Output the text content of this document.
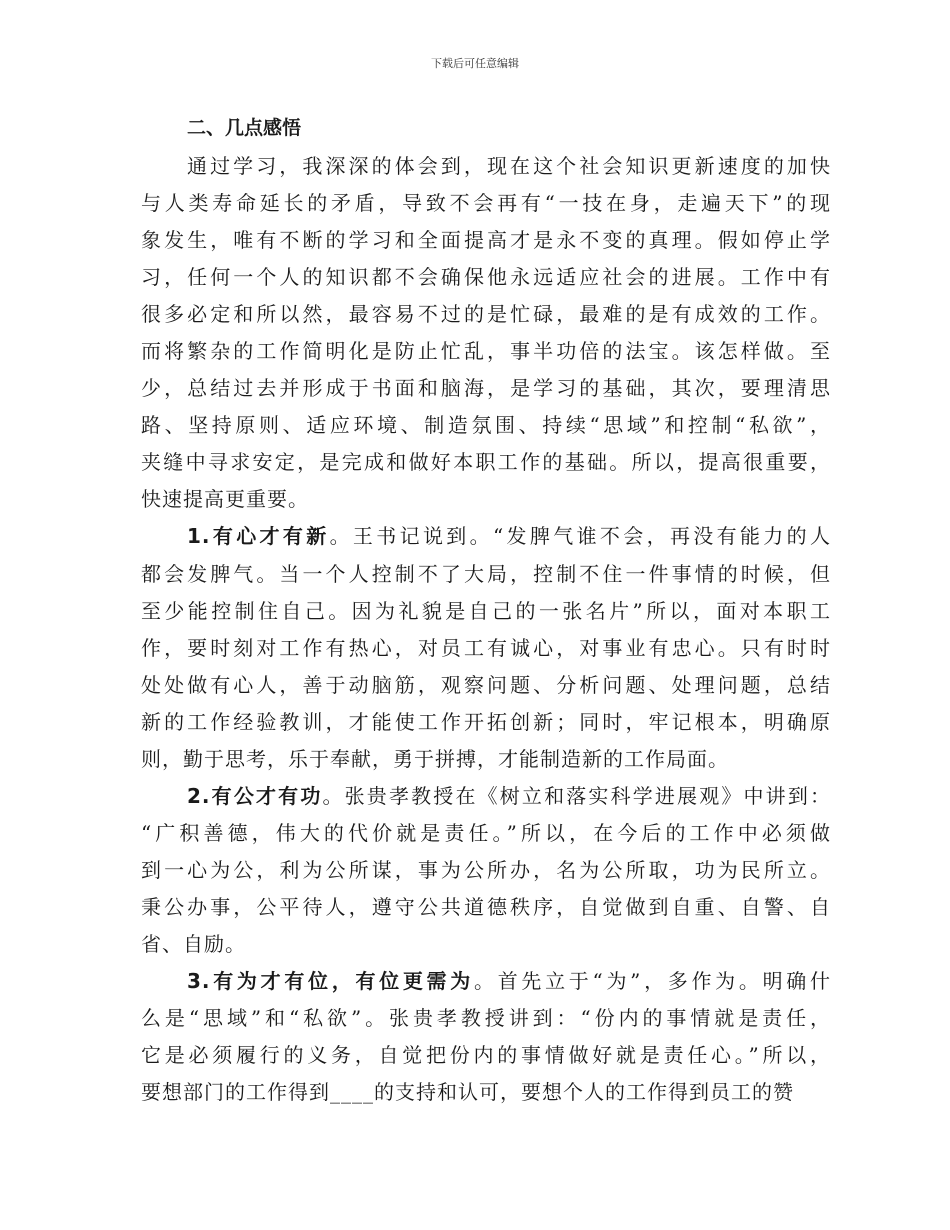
下载后可任意编辑
二、几点感悟
通过学习，我深深的体会到，现在这个社会知识更新速度的加快
与人类寿命延长的矛盾，导致不会再有“一技在身，走遍天下”的现
象发生，唯有不断的学习和全面提高才是永不变的真理。假如停止学
习，任何一个人的知识都不会确保他永远适应社会的进展。工作中有
很多必定和所以然，最容易不过的是忙碌，最难的是有成效的工作。
而将繁杂的工作简明化是防止忙乱，事半功倍的法宝。该怎样做。至
少，总结过去并形成于书面和脑海，是学习的基础，其次，要理清思
路、坚持原则、适应环境、制造氛围、持续“思域”和控制“私欲”，
夹缝中寻求安定，是完成和做好本职工作的基础。所以，提高很重要，
快速提高更重要。
1.有心才有新。王书记说到。“发脾气谁不会，再没有能力的人
都会发脾气。当一个人控制不了大局，控制不住一件事情的时候，但
至少能控制住自己。因为礼貌是自己的一张名片”所以，面对本职工
作，要时刻对工作有热心，对员工有诚心，对事业有忠心。只有时时
处处做有心人，善于动脑筋，观察问题、分析问题、处理问题，总结
新的工作经验教训，才能使工作开拓创新；同时，牢记根本，明确原
则，勤于思考，乐于奉献，勇于拼搏，才能制造新的工作局面。
2.有公才有功。张贵孝教授在《树立和落实科学进展观》中讲到：
“广积善德，伟大的代价就是责任。”所以，在今后的工作中必须做
到一心为公，利为公所谋，事为公所办，名为公所取，功为民所立。
秉公办事，公平待人，遵守公共道德秩序，自觉做到自重、自警、自
省、自励。
3.有为才有位，有位更需为。首先立于“为”，多作为。明确什
么是“思域”和“私欲”。张贵孝教授讲到：“份内的事情就是责任，
它是必须履行的义务，自觉把份内的事情做好就是责任心。”所以，
要想部门的工作得到____的支持和认可，要想个人的工作得到员工的赞
